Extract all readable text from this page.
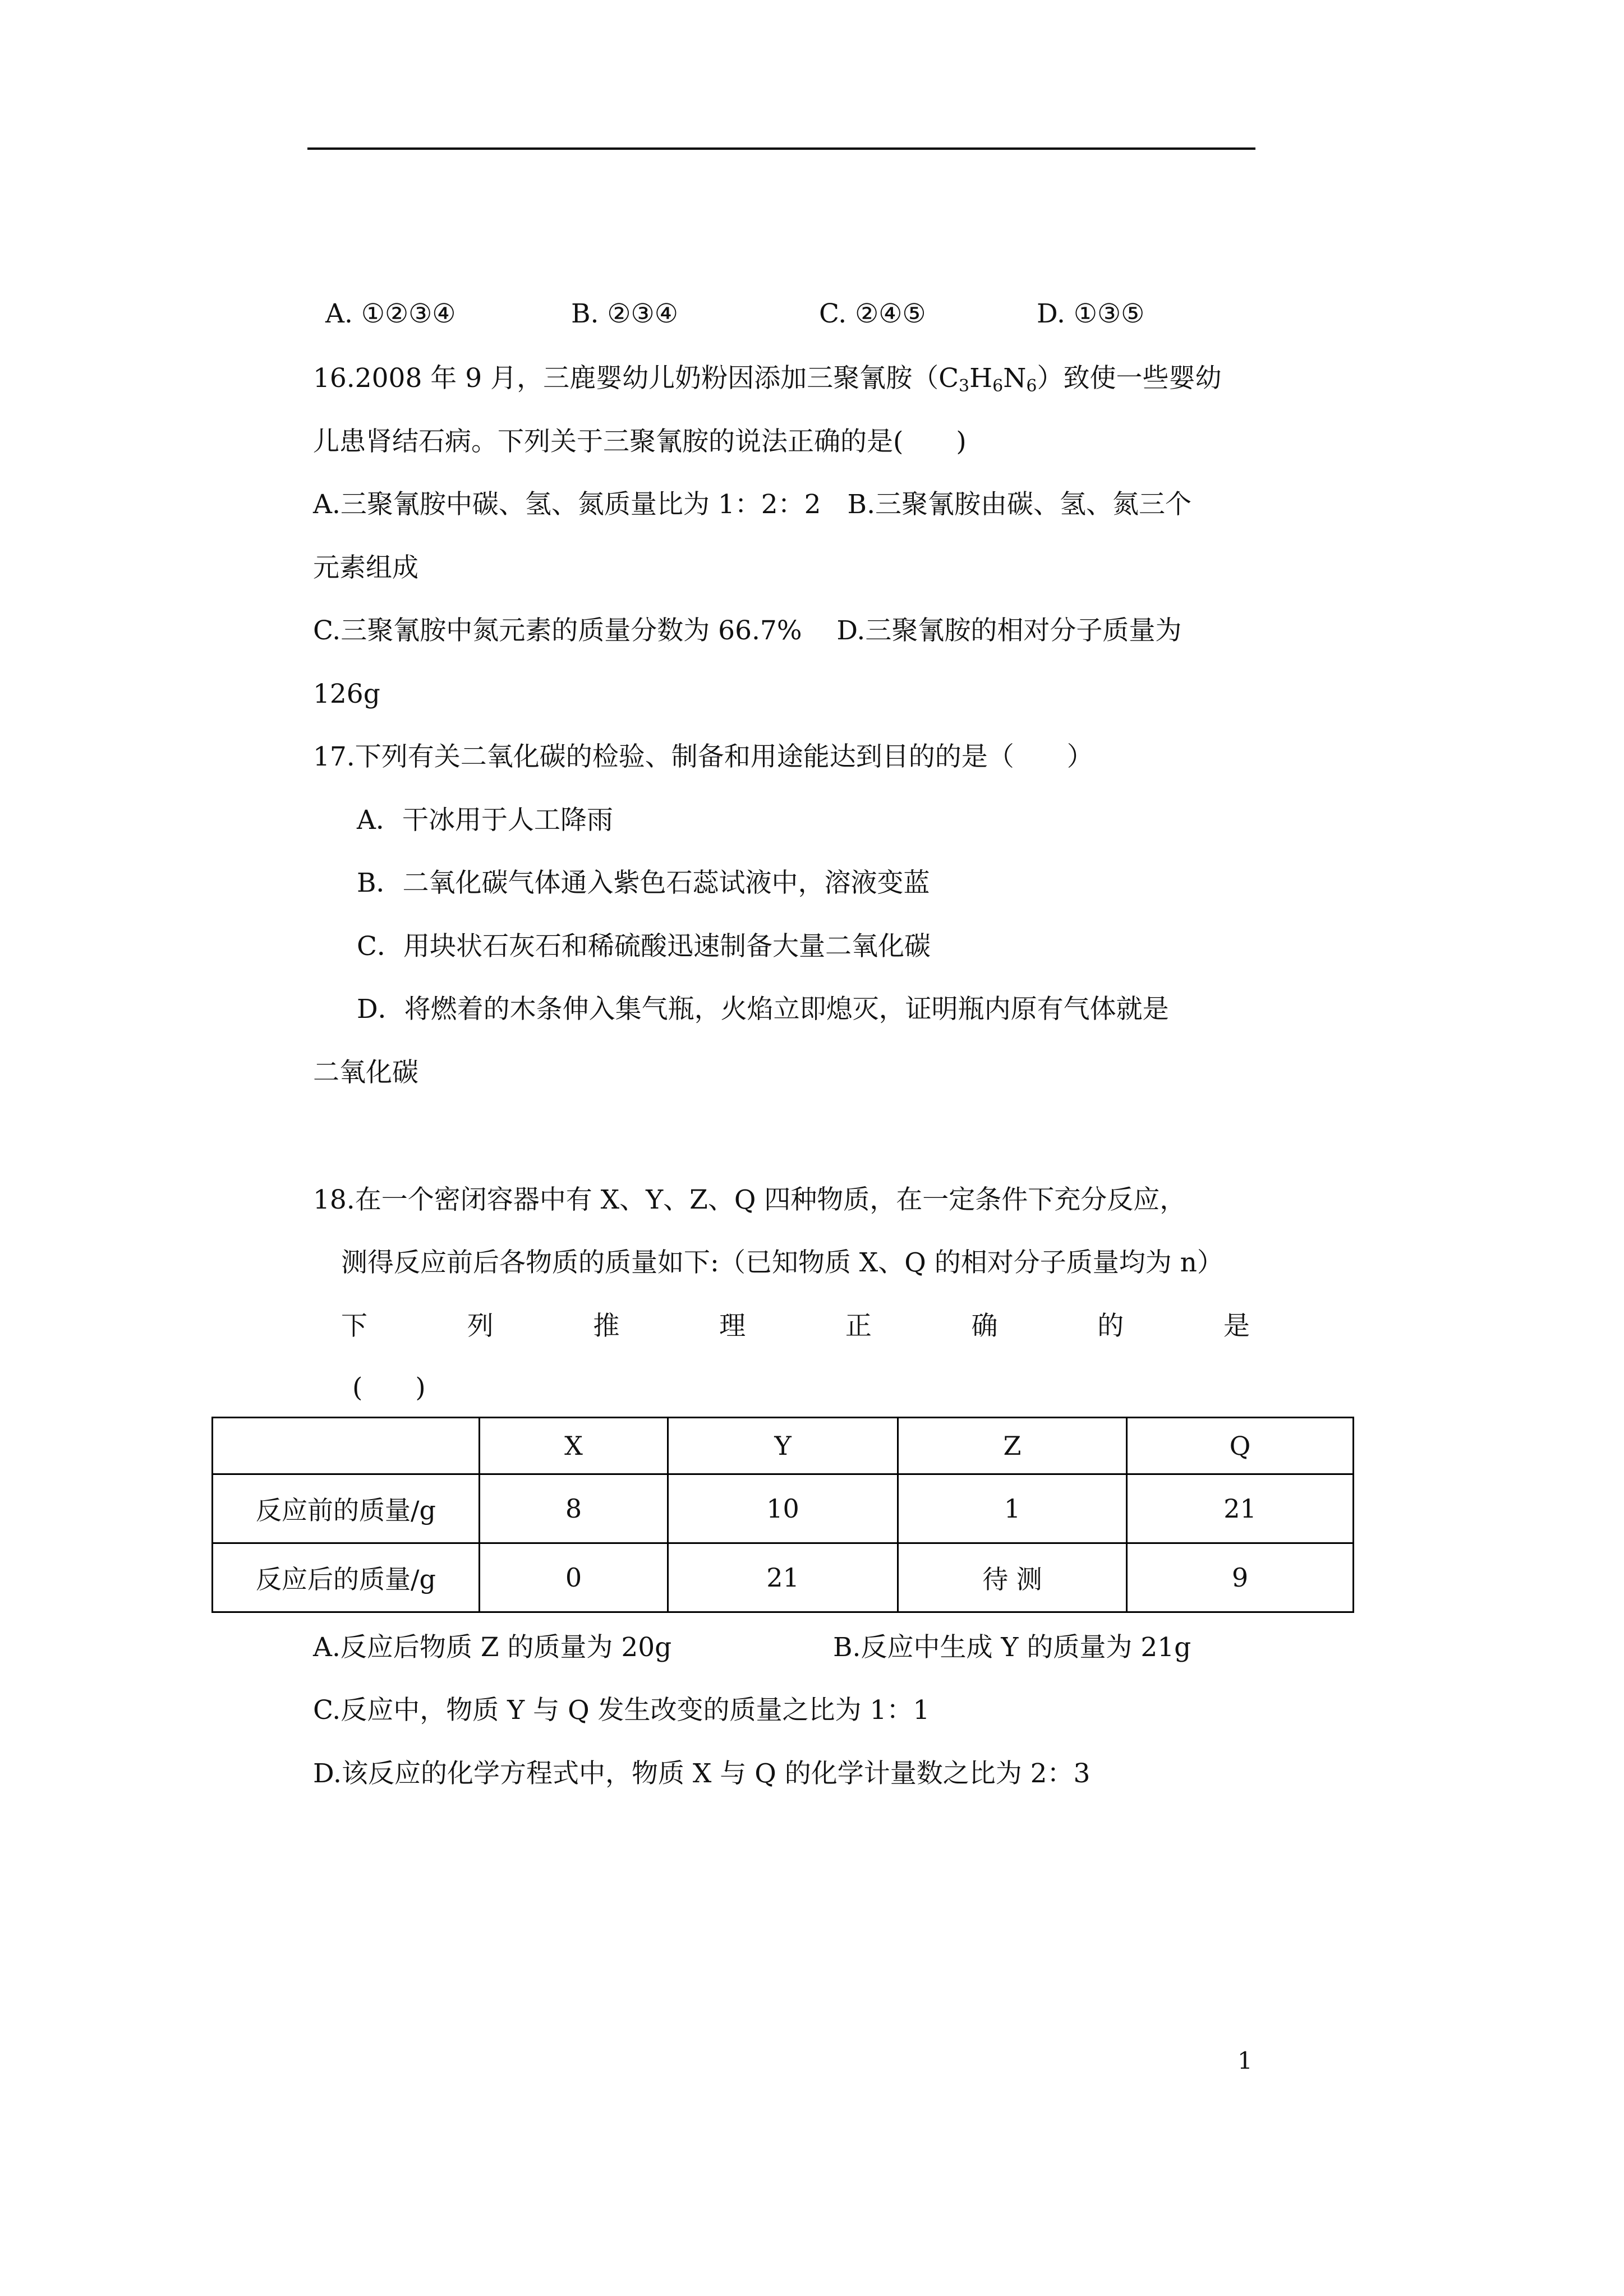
A. ①②③④	B. ②③④	C. ②④⑤	D. ①③⑤
16.2008 年 9 月，三鹿婴幼儿奶粉因添加三聚氰胺$(C_3H_6N_6)$致使一些婴幼
儿患肾结石病。下列关于三聚氰胺的说法正确的是(　　)
A.三聚氰胺中碳、氢、氮质量比为 1：2：2　B.三聚氰胺由碳、氢、氮三个
元素组成
C.三聚氰胺中氮元素的质量分数为 66.7%　 D.三聚氰胺的相对分子质量为
126g
17.下列有关二氧化碳的检验、制备和用途能达到目的的是（　　）
A．干冰用于人工降雨
B．二氧化碳气体通入紫色石蕊试液中，溶液变蓝
C．用块状石灰石和稀硫酸迅速制备大量二氧化碳
D．将燃着的木条伸入集气瓶，火焰立即熄灭，证明瓶内原有气体就是
二氧化碳
18.在一个密闭容器中有 X、Y、Z、Q 四种物质，在一定条件下充分反应，
测得反应前后各物质的质量如下:（已知物质 X、Q 的相对分子质量均为 n）
下	列	推	理	正	确	的	是
(　　)
	X	Y	Z	Q
反应前的质量/g	8	10	1	21
反应后的质量/g	0	21	待 测	9
A.反应后物质 Z 的质量为 20g	B.反应中生成 Y 的质量为 21g
C.反应中，物质 Y 与 Q 发生改变的质量之比为 1：1
D.该反应的化学方程式中，物质 X 与 Q 的化学计量数之比为 2：3
1
